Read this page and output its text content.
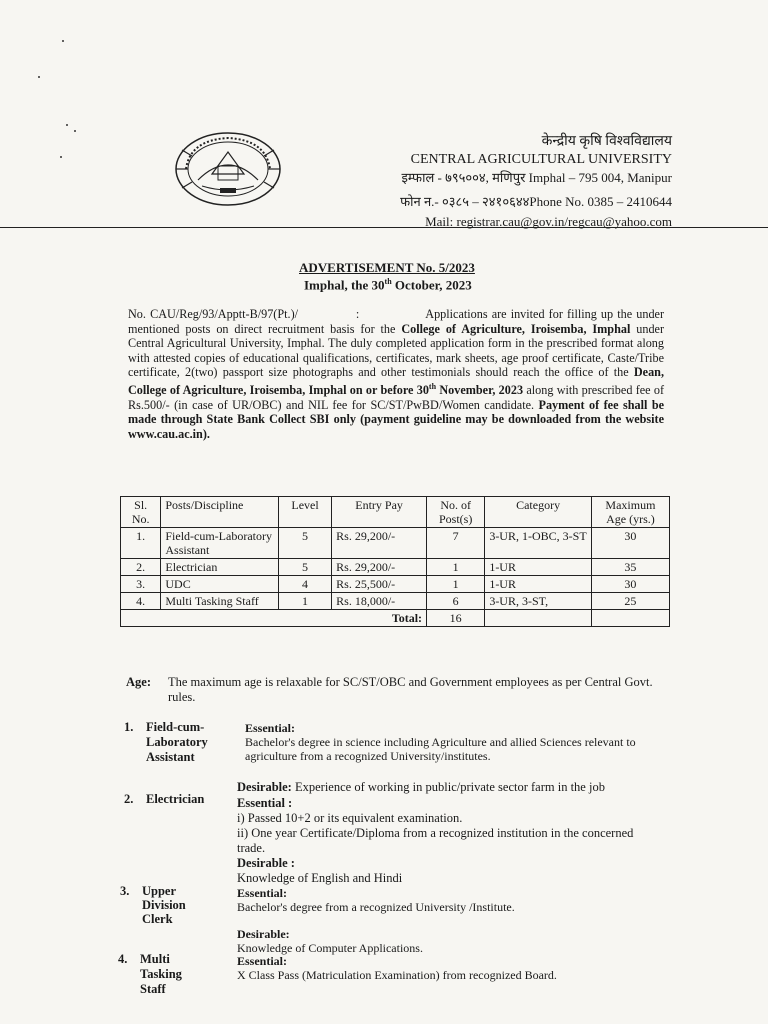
केन्द्रीय कृषि विश्वविद्यालय
CENTRAL AGRICULTURAL UNIVERSITY
इम्फाल - ७९५००४, मणिपुर Imphal – 795 004, Manipur
फोन न.- ०३८५ – २४१०६४४Phone No. 0385 – 2410644
Mail: registrar.cau@gov.in/regcau@yahoo.com
ADVERTISEMENT No. 5/2023
Imphal, the 30th October, 2023
No. CAU/Reg/93/Apptt-B/97(Pt.)/	:	Applications are invited for filling up the under mentioned posts on direct recruitment basis for the College of Agriculture, Iroisemba, Imphal under Central Agricultural University, Imphal. The duly completed application form in the prescribed format along with attested copies of educational qualifications, certificates, mark sheets, age proof certificate, Caste/Tribe certificate, 2(two) passport size photographs and other testimonials should reach the office of the Dean, College of Agriculture, Iroisemba, Imphal on or before 30th November, 2023 along with prescribed fee of Rs.500/- (in case of UR/OBC) and NIL fee for SC/ST/PwBD/Women candidate. Payment of fee shall be made through State Bank Collect SBI only (payment guideline may be downloaded from the website www.cau.ac.in).
Sl. No.	Posts/Discipline	Level	Entry Pay	No. of Post(s)	Category	Maximum Age (yrs.)
1.	Field-cum-Laboratory Assistant	5	Rs. 29,200/-	7	3-UR, 1-OBC, 3-ST	30
2.	Electrician	5	Rs. 29,200/-	1	1-UR	35
3.	UDC	4	Rs. 25,500/-	1	1-UR	30
4.	Multi Tasking Staff	1	Rs. 18,000/-	6	3-UR, 3-ST,	25
Total:				16		
Age: The maximum age is relaxable for SC/ST/OBC and Government employees as per Central Govt. rules.
1. Field-cum-Laboratory Assistant
Essential:
Bachelor's degree in science including Agriculture and allied Sciences relevant to agriculture from a recognized University/institutes.
Desirable: Experience of working in public/private sector farm in the job
2. Electrician	Essential :
i) Passed 10+2 or its equivalent examination.
ii) One year Certificate/Diploma from a recognized institution in the concerned trade.
Desirable :
Knowledge of English and Hindi
3. Upper Division Clerk
Essential:
Bachelor's degree from a recognized University /Institute.
Desirable:
Knowledge of Computer Applications.
4. Multi Tasking Staff
Essential:
X Class Pass (Matriculation Examination) from recognized Board.
